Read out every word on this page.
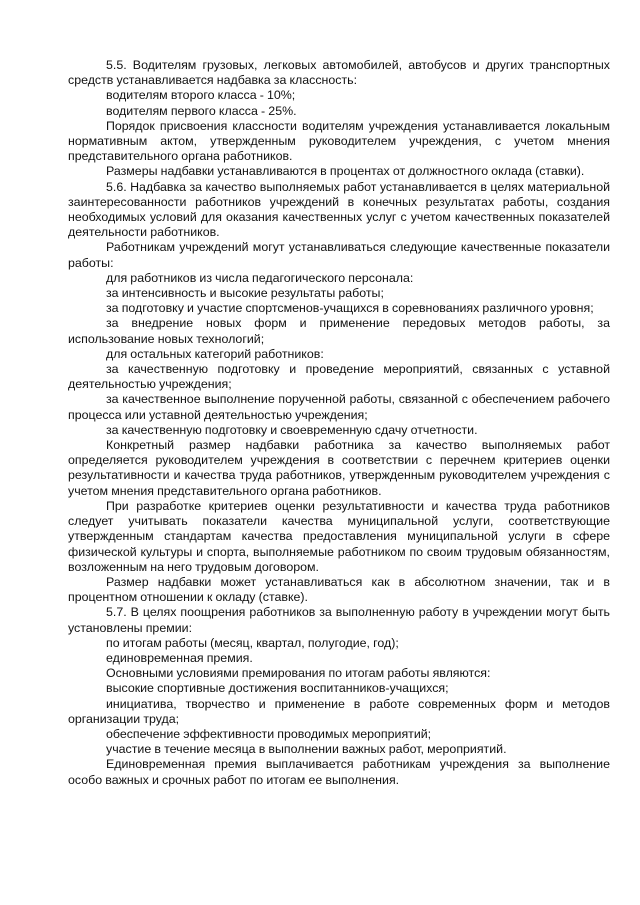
5.5. Водителям грузовых, легковых автомобилей, автобусов и других транспортных средств устанавливается надбавка за классность:

водителям второго класса - 10%;

водителям первого класса - 25%.

Порядок присвоения классности водителям учреждения устанавливается локальным нормативным актом, утвержденным руководителем учреждения, с учетом мнения представительного органа работников.

Размеры надбавки устанавливаются в процентах от должностного оклада (ставки).

5.6. Надбавка за качество выполняемых работ устанавливается в целях материальной заинтересованности работников учреждений в конечных результатах работы, создания необходимых условий для оказания качественных услуг с учетом качественных показателей деятельности работников.

Работникам учреждений могут устанавливаться следующие качественные показатели работы:

для работников из числа педагогического персонала:

за интенсивность и высокие результаты работы;

за подготовку и участие спортсменов-учащихся в соревнованиях различного уровня;

за внедрение новых форм и применение передовых методов работы, за использование новых технологий;

для остальных категорий работников:

за качественную подготовку и проведение мероприятий, связанных с уставной деятельностью учреждения;

за качественное выполнение порученной работы, связанной с обеспечением рабочего процесса или уставной деятельностью учреждения;

за качественную подготовку и своевременную сдачу отчетности.

Конкретный размер надбавки работника за качество выполняемых работ определяется руководителем учреждения в соответствии с перечнем критериев оценки результативности и качества труда работников, утвержденным руководителем учреждения с учетом мнения представительного органа работников.

При разработке критериев оценки результативности и качества труда работников следует учитывать показатели качества муниципальной услуги, соответствующие утвержденным стандартам качества предоставления муниципальной услуги в сфере физической культуры и спорта, выполняемые работником по своим трудовым обязанностям, возложенным на него трудовым договором.

Размер надбавки может устанавливаться как в абсолютном значении, так и в процентном отношении к окладу (ставке).

5.7. В целях поощрения работников за выполненную работу в учреждении могут быть установлены премии:

по итогам работы (месяц, квартал, полугодие, год);

единовременная премия.

Основными условиями премирования по итогам работы являются:

высокие спортивные достижения воспитанников-учащихся;

инициатива, творчество и применение в работе современных форм и методов организации труда;

обеспечение эффективности проводимых мероприятий;

участие в течение месяца в выполнении важных работ, мероприятий.

Единовременная премия выплачивается работникам учреждения за выполнение особо важных и срочных работ по итогам ее выполнения.
